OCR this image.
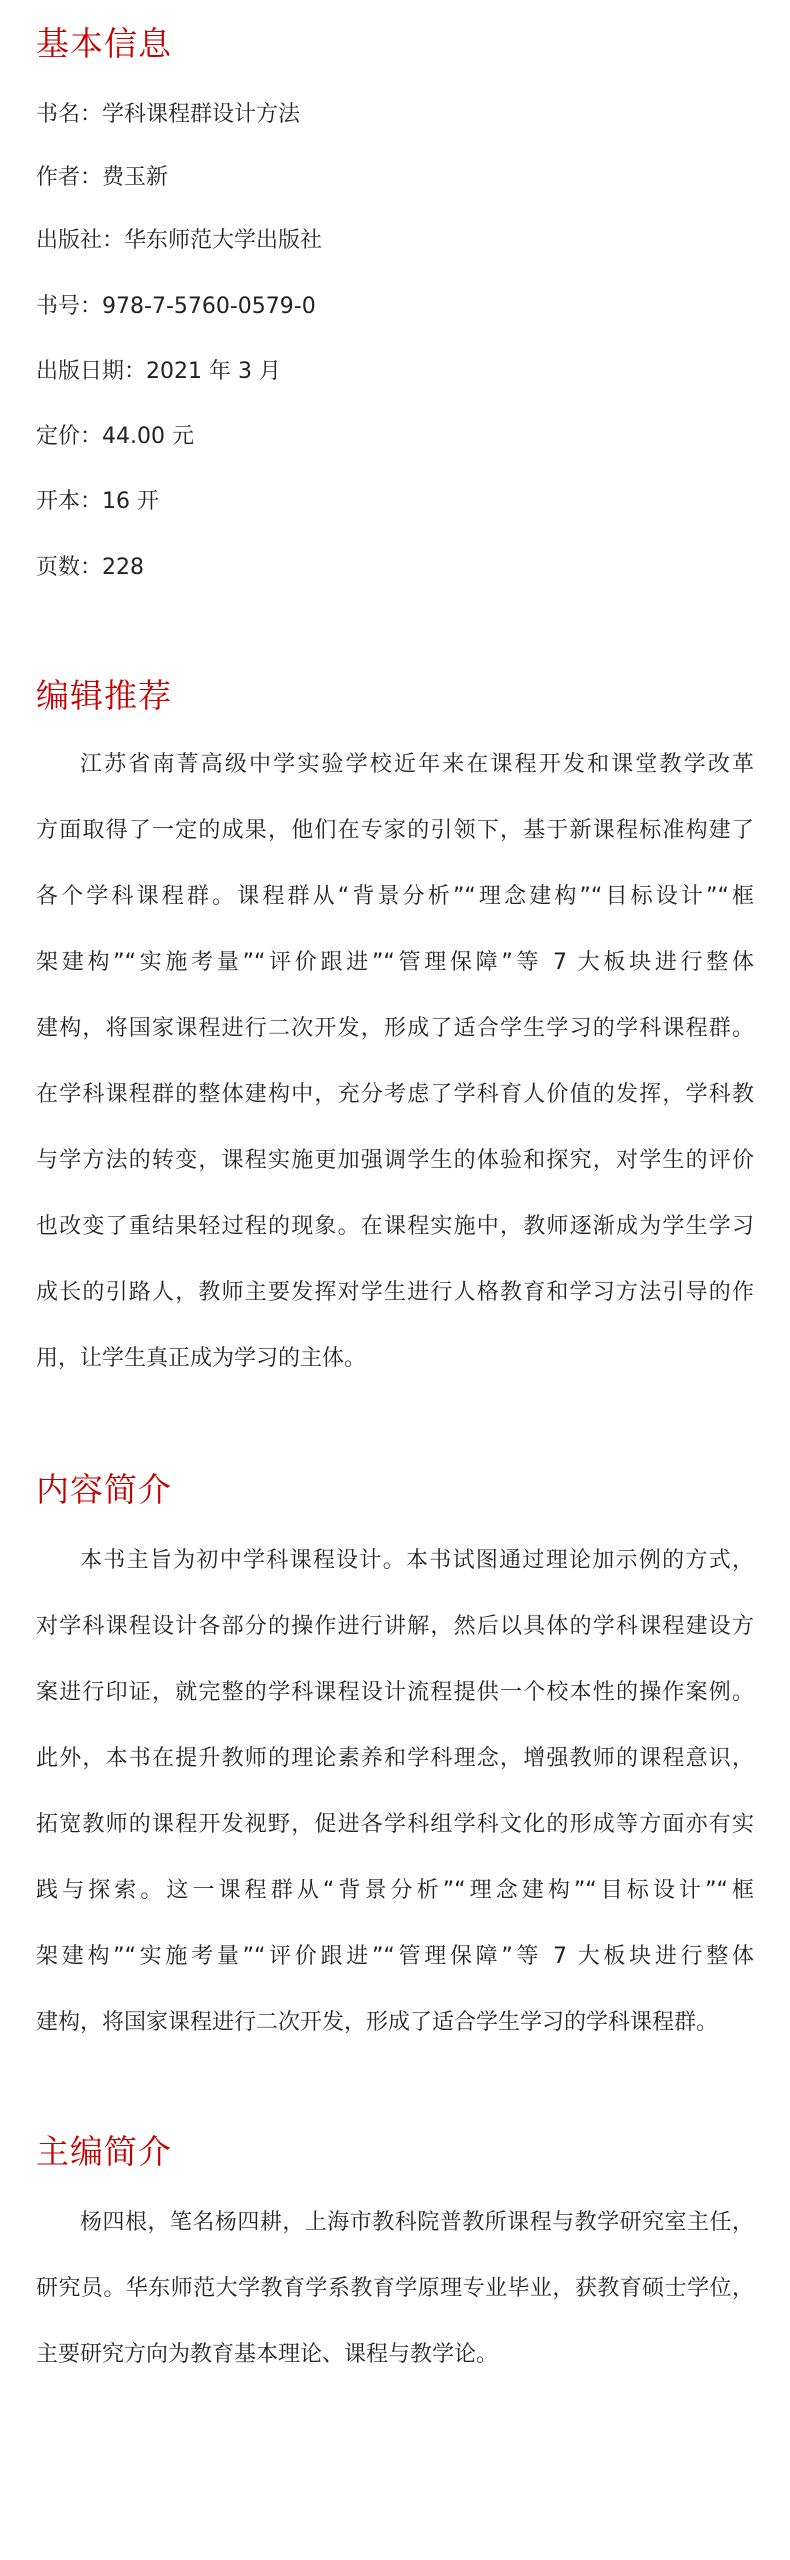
基本信息
书名：学科课程群设计方法
作者：费玉新
出版社：华东师范大学出版社
书号：978-7-5760-0579-0
出版日期：2021 年 3 月
定价：44.00 元
开本：16 开
页数：228
编辑推荐
江苏省南菁高级中学实验学校近年来在课程开发和课堂教学改革
方面取得了一定的成果，他们在专家的引领下，基于新课程标准构建了
各个学科课程群。课程群从“背景分析”“理念建构”“目标设计”“框
架建构”“实施考量”“评价跟进”“管理保障”等 7 大板块进行整体
建构，将国家课程进行二次开发，形成了适合学生学习的学科课程群。
在学科课程群的整体建构中，充分考虑了学科育人价值的发挥，学科教
与学方法的转变，课程实施更加强调学生的体验和探究，对学生的评价
也改变了重结果轻过程的现象。在课程实施中，教师逐渐成为学生学习
成长的引路人，教师主要发挥对学生进行人格教育和学习方法引导的作
用，让学生真正成为学习的主体。
内容简介
本书主旨为初中学科课程设计。本书试图通过理论加示例的方式，
对学科课程设计各部分的操作进行讲解，然后以具体的学科课程建设方
案进行印证，就完整的学科课程设计流程提供一个校本性的操作案例。
此外，本书在提升教师的理论素养和学科理念，增强教师的课程意识，
拓宽教师的课程开发视野，促进各学科组学科文化的形成等方面亦有实
践与探索。这一课程群从“背景分析”“理念建构”“目标设计”“框
架建构”“实施考量”“评价跟进”“管理保障”等 7 大板块进行整体
建构，将国家课程进行二次开发，形成了适合学生学习的学科课程群。
主编简介
杨四根，笔名杨四耕，上海市教科院普教所课程与教学研究室主任，
研究员。华东师范大学教育学系教育学原理专业毕业，获教育硕士学位，
主要研究方向为教育基本理论、课程与教学论。
